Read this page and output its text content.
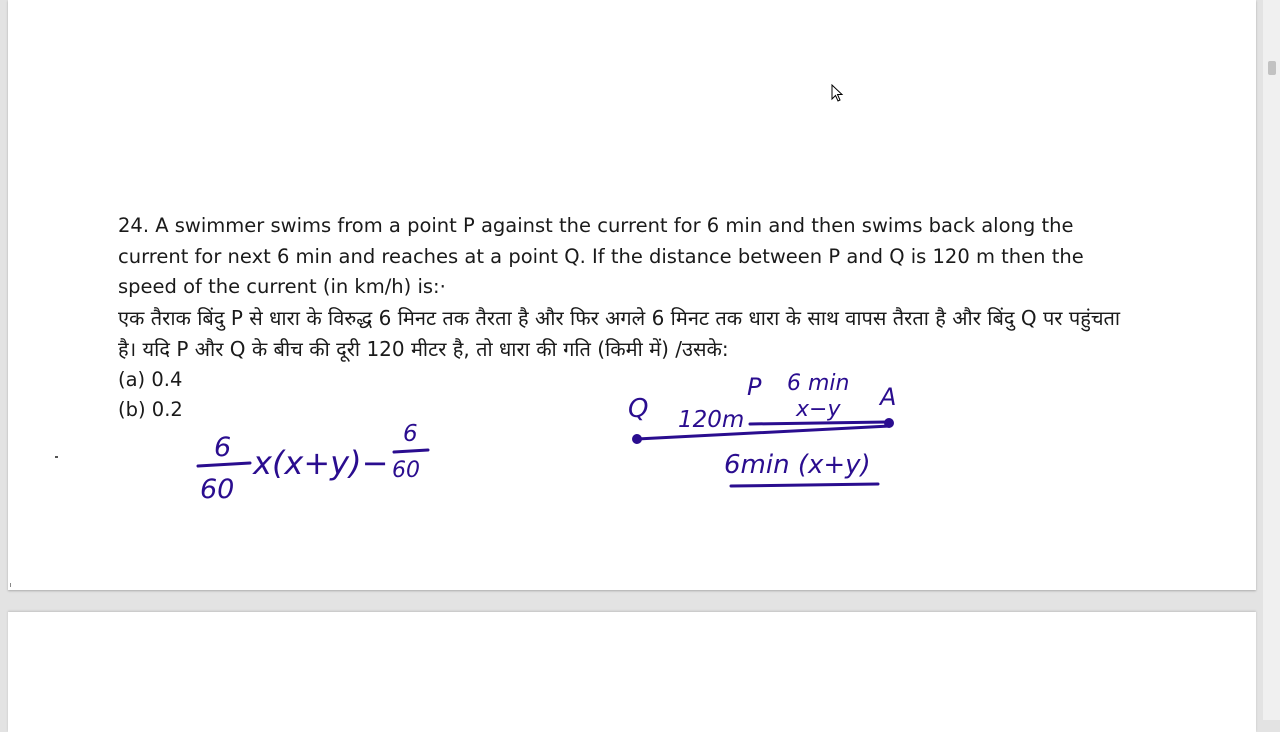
24. A swimmer swims from a point P against the current for 6 min and then swims back along the current for next 6 min and reaches at a point Q. If the distance between P and Q is 120 m then the speed of the current (in km/h) is:·

एक तैराक बिंदु P से धारा के विरुद्ध 6 मिनट तक तैरता है और फिर अगले 6 मिनट तक धारा के साथ वापस तैरता है और बिंदु Q पर पहुंचता है। यदि P और Q के बीच की दूरी 120 मीटर है, तो धारा की गति (किमी में) /उसके:

(a) 0.4

(b) 0.2

6
60
x(x+y)−
6
60
Q 120m
P 6 min
x−y A
6min (x+y)
